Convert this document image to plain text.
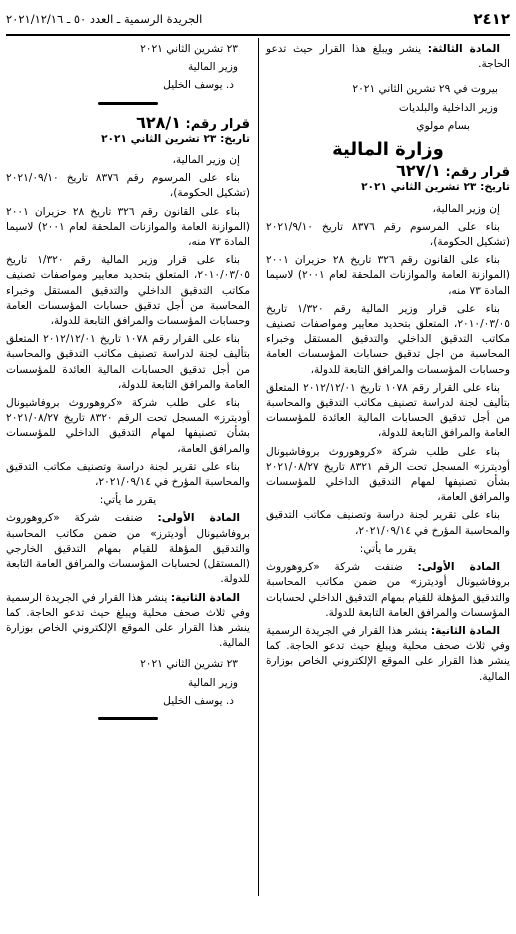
٢٤١٢
الجريدة الرسمية ـ العدد ٥٠ ـ ٢٠٢١/١٢/١٦

المادة الثالثة: ينشر ويبلغ هذا القرار حيث تدعو الحاجة.

بيروت في ٢٩ تشرين الثاني ٢٠٢١

وزير الداخلية والبلديات

بسام مولوي

وزارة المالية
قرار رقم: ٦٢٧/١
تاريخ: ٢٣ تشرين الثاني ٢٠٢١

إن وزير المالية،

بناء على المرسوم رقم ٨٣٧٦ تاريخ ٢٠٢١/٩/١٠ (تشكيل الحكومة)،

بناء على القانون رقم ٣٢٦ تاريخ ٢٨ حزيران ٢٠٠١ (الموازنة العامة والموازنات الملحقة لعام ٢٠٠١) لاسيما المادة ٧٣ منه،

بناء على قرار وزير المالية رقم ١/٣٢٠ تاريخ ٢٠١٠/٠٣/٠٥، المتعلق بتحديد معايير ومواصفات تصنيف مكاتب التدقيق الداخلي والتدقيق المستقل وخبراء المحاسبة من اجل تدقيق حسابات المؤسسات العامة وحسابات المؤسسات والمرافق التابعة للدولة،

بناء على القرار رقم ١٠٧٨ تاريخ ٢٠١٢/١٢/٠١ المتعلق بتأليف لجنة لدراسة تصنيف مكاتب التدقيق والمحاسبة من أجل تدقيق الحسابات المالية العائدة للمؤسسات العامة والمرافق التابعة للدولة،

بناء على طلب شركة «كروهوروث بروفاشيونال أوديترز» المسجل تحت الرقم ٨٣٢١ تاريخ ٢٠٢١/٠٨/٢٧ بشأن تصنيفها لمهام التدقيق الداخلي للمؤسسات والمرافق العامة،

بناء على تقرير لجنة دراسة وتصنيف مكاتب التدقيق والمحاسبة المؤرخ في ٢٠٢١/٠٩/١٤،

يقرر ما يأتي:

المادة الأولى: ضنفت شركة «كروهوروث بروفاشيونال أوديترز» من ضمن مكاتب المحاسبة والتدقيق المؤهلة للقيام بمهام التدقيق الداخلي لحسابات المؤسسات والمرافق العامة التابعة للدولة.

المادة الثانية: ينشر هذا القرار في الجريدة الرسمية وفي ثلاث صحف محلية ويبلغ حيث تدعو الحاجة. كما ينشر هذا القرار على الموقع الإلكتروني الخاص بوزارة المالية.

٢٣ تشرين الثاني ٢٠٢١

وزير المالية

د. يوسف الخليل

قرار رقم: ٦٢٨/١
تاريخ: ٢٣ تشرين الثاني ٢٠٢١

إن وزير المالية،

بناء على المرسوم رقم ٨٣٧٦ تاريخ ٢٠٢١/٠٩/١٠ (تشكيل الحكومة)،

بناء على القانون رقم ٣٢٦ تاريخ ٢٨ حزيران ٢٠٠١ (الموازنة العامة والموازنات الملحقة لعام ٢٠٠١) لاسيما المادة ٧٣ منه،

بناء على قرار وزير المالية رقم ١/٣٢٠ تاريخ ٢٠١٠/٠٣/٠٥، المتعلق بتحديد معايير ومواصفات تصنيف مكاتب التدقيق الداخلي والتدقيق المستقل وخبراء المحاسبة من أجل تدقيق حسابات المؤسسات العامة وحسابات المؤسسات والمرافق التابعة للدولة،

بناء على القرار رقم ١٠٧٨ تاريخ ٢٠١٢/١٢/٠١ المتعلق بتأليف لجنة لدراسة تصنيف مكاتب التدقيق والمحاسبة من أجل تدقيق الحسابات المالية العائدة للمؤسسات العامة والمرافق التابعة للدولة،

بناء على طلب شركة «كروهوروث بروفاشيونال أوديترز» المسجل تحت الرقم ٨٣٢٠ تاريخ ٢٠٢١/٠٨/٢٧ بشأن تصنيفها لمهام التدقيق الداخلي للمؤسسات والمرافق العامة،

بناء على تقرير لجنة دراسة وتصنيف مكاتب التدقيق والمحاسبة المؤرخ في ٢٠٢١/٠٩/١٤،

يقرر ما يأتي:

المادة الأولى: ضنفت شركة «كروهوروث بروفاشيونال أوديترز» من ضمن مكاتب المحاسبة والتدقيق المؤهلة للقيام بمهام التدقيق الخارجي (المستقل) لحسابات المؤسسات والمرافق العامة التابعة للدولة.

المادة الثانية: ينشر هذا القرار في الجريدة الرسمية وفي ثلاث صحف محلية ويبلغ حيث تدعو الحاجة. كما ينشر هذا القرار على الموقع الإلكتروني الخاص بوزارة المالية.

٢٣ تشرين الثاني ٢٠٢١

وزير المالية

د. يوسف الخليل
